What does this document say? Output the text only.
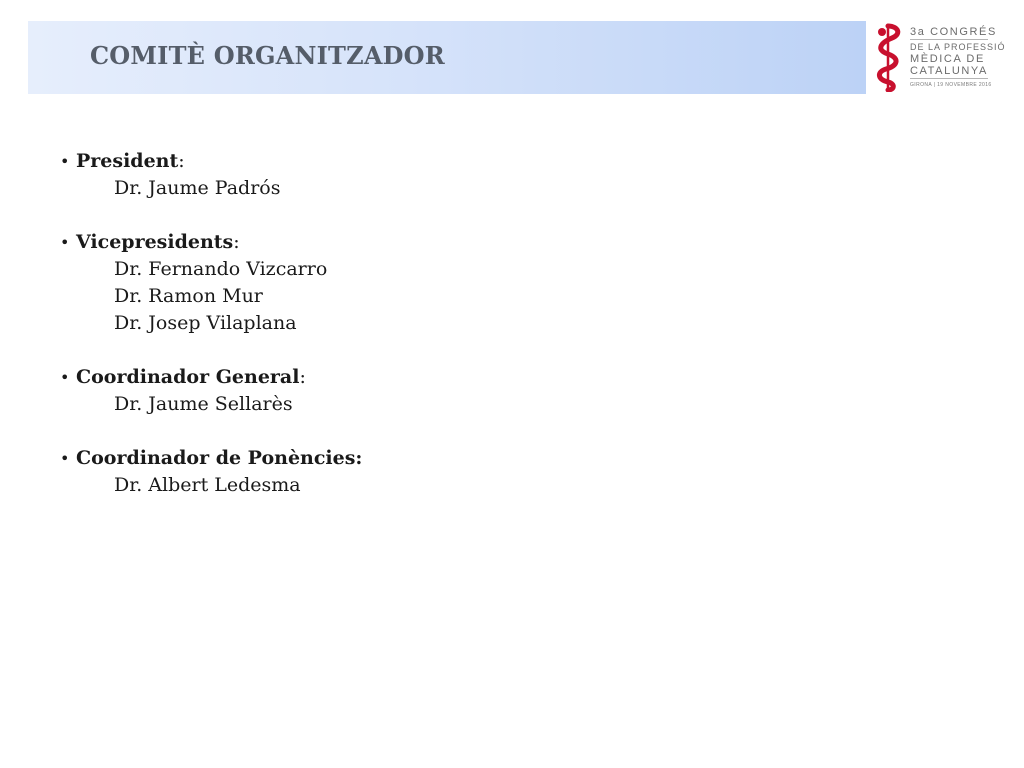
COMITÈ ORGANITZADOR
3a CONGRÉS
DE LA PROFESSIÓ
MÈDICA DE
CATALUNYA
GIRONA | 19 NOVEMBRE 2016
• President:
Dr. Jaume Padrós
• Vicepresidents:
Dr. Fernando Vizcarro
Dr. Ramon Mur
Dr. Josep Vilaplana
• Coordinador General:
Dr. Jaume Sellarès
• Coordinador de Ponències:
Dr. Albert Ledesma
